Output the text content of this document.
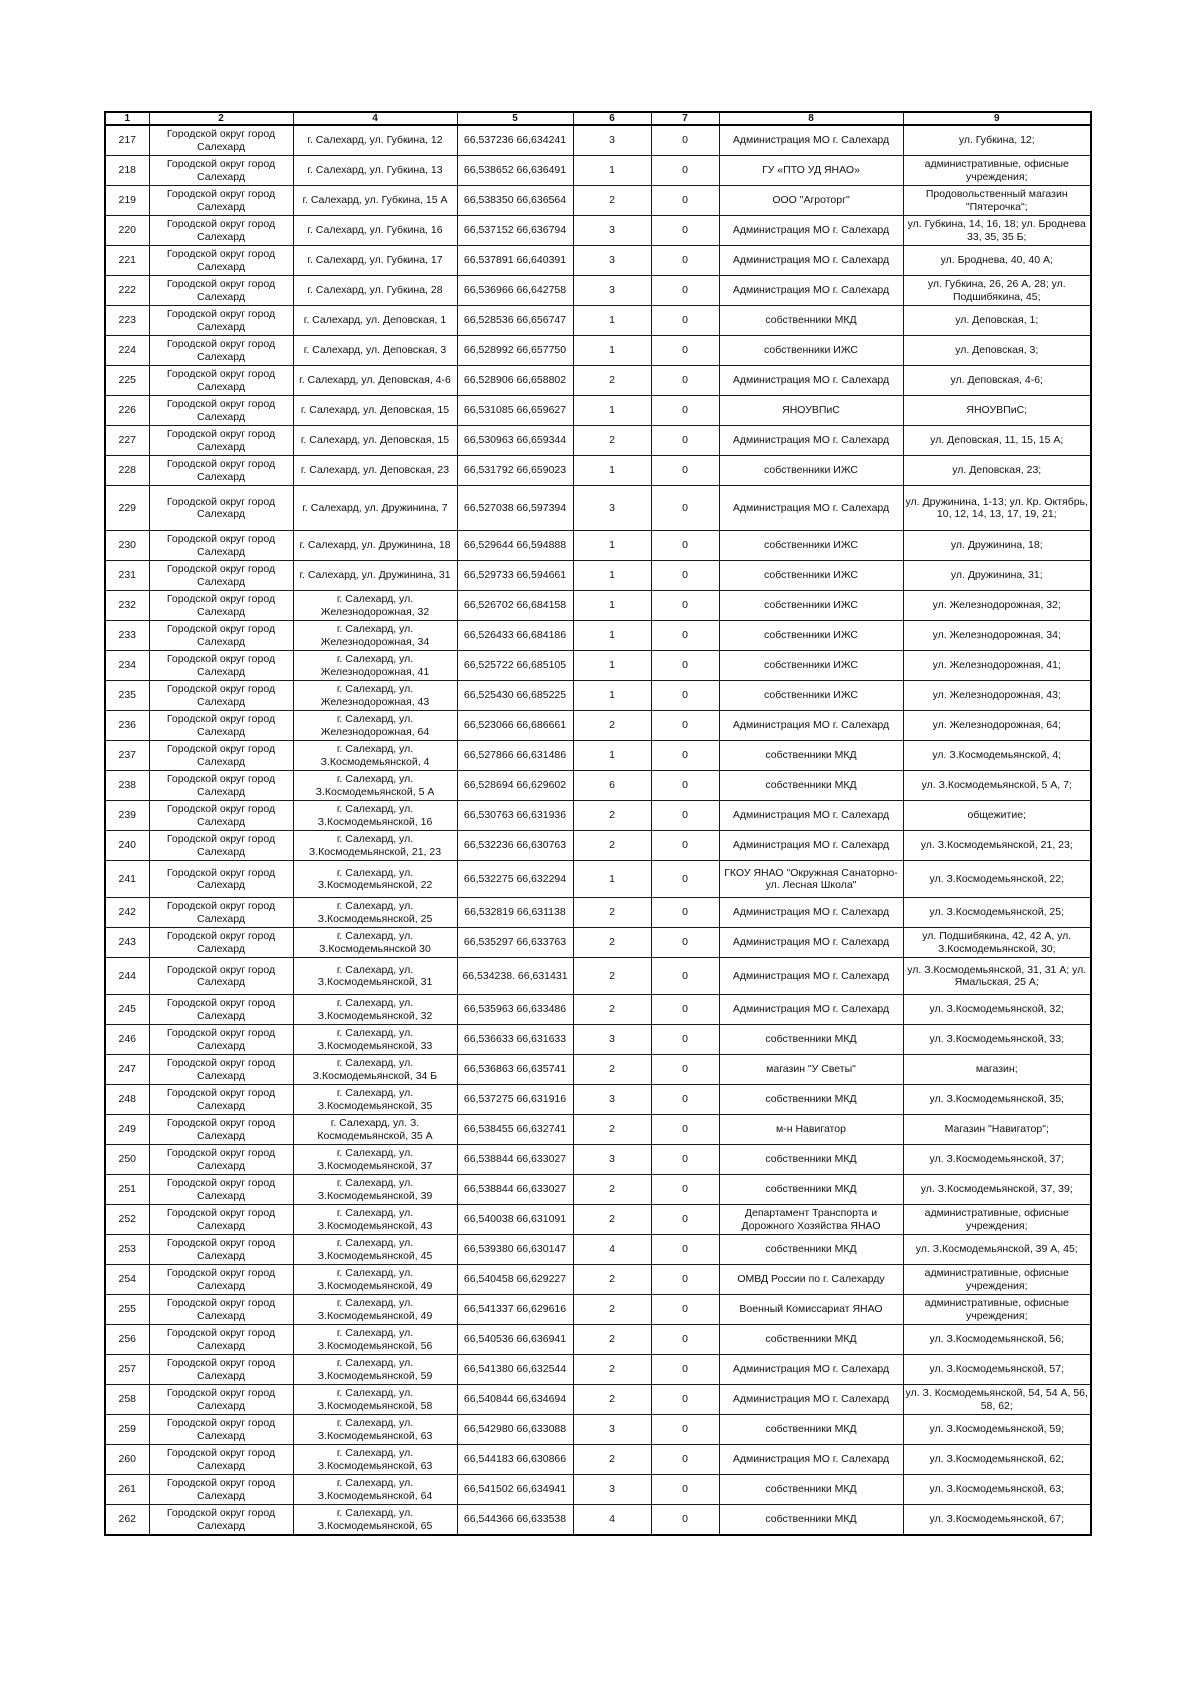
1	2	4	5	6	7	8	9
217	Городской округ город Салехард	г. Салехард, ул. Губкина, 12	66,537236 66,634241	3	0	Администрация МО г. Салехард	ул. Губкина, 12;
218	Городской округ город Салехард	г. Салехард, ул. Губкина, 13	66,538652 66,636491	1	0	ГУ «ПТО УД ЯНАО»	административные, офисные учреждения;
219	Городской округ город Салехард	г. Салехард, ул. Губкина, 15 А	66,538350 66,636564	2	0	ООО "Агроторг"	Продовольственный магазин "Пятерочка";
220	Городской округ город Салехард	г. Салехард, ул. Губкина, 16	66,537152 66,636794	3	0	Администрация МО г. Салехард	ул. Губкина, 14, 16, 18; ул. Броднева 33, 35, 35 Б;
221	Городской округ город Салехард	г. Салехард, ул. Губкина, 17	66,537891 66,640391	3	0	Администрация МО г. Салехард	ул. Броднева, 40, 40 А;
222	Городской округ город Салехард	г. Салехард, ул. Губкина, 28	66,536966 66,642758	3	0	Администрация МО г. Салехард	ул. Губкина, 26, 26 А, 28; ул. Подшибякина, 45;
223	Городской округ город Салехард	г. Салехард, ул. Деповская, 1	66,528536 66,656747	1	0	собственники МКД	ул. Деповская, 1;
224	Городской округ город Салехард	г. Салехард, ул. Деповская, 3	66,528992 66,657750	1	0	собственники ИЖС	ул. Деповская, 3;
225	Городской округ город Салехард	г. Салехард, ул. Деповская, 4-6	66,528906 66,658802	2	0	Администрация МО г. Салехард	ул. Деповская, 4-6;
226	Городской округ город Салехард	г. Салехард, ул. Деповская, 15	66,531085 66,659627	1	0	ЯНОУВПиС	ЯНОУВПиС;
227	Городской округ город Салехард	г. Салехард, ул. Деповская, 15	66,530963 66,659344	2	0	Администрация МО г. Салехард	ул. Деповская, 11, 15, 15 А;
228	Городской округ город Салехард	г. Салехард, ул. Деповская, 23	66,531792 66,659023	1	0	собственники ИЖС	ул. Деповская, 23;
229	Городской округ город Салехард	г. Салехард, ул. Дружинина, 7	66,527038 66,597394	3	0	Администрация МО г. Салехард	ул. Дружинина, 1-13; ул. Кр. Октябрь, 10, 12, 14, 13, 17, 19, 21;
230	Городской округ город Салехард	г. Салехард, ул. Дружинина, 18	66,529644 66,594888	1	0	собственники ИЖС	ул. Дружинина, 18;
231	Городской округ город Салехард	г. Салехард, ул. Дружинина, 31	66,529733 66,594661	1	0	собственники ИЖС	ул. Дружинина, 31;
232	Городской округ город Салехард	г. Салехард, ул. Железнодорожная, 32	66,526702 66,684158	1	0	собственники ИЖС	ул. Железнодорожная, 32;
233	Городской округ город Салехард	г. Салехард, ул. Железнодорожная, 34	66,526433 66,684186	1	0	собственники ИЖС	ул. Железнодорожная, 34;
234	Городской округ город Салехард	г. Салехард, ул. Железнодорожная, 41	66,525722 66,685105	1	0	собственники ИЖС	ул. Железнодорожная, 41;
235	Городской округ город Салехард	г. Салехард, ул. Железнодорожная, 43	66,525430 66,685225	1	0	собственники ИЖС	ул. Железнодорожная, 43;
236	Городской округ город Салехард	г. Салехард, ул. Железнодорожная, 64	66,523066 66,686661	2	0	Администрация МО г. Салехард	ул. Железнодорожная, 64;
237	Городской округ город Салехард	г. Салехард, ул. З.Космодемьянской, 4	66,527866 66,631486	1	0	собственники МКД	ул. З.Космодемьянской, 4;
238	Городской округ город Салехард	г. Салехард, ул. З.Космодемьянской, 5 А	66,528694 66,629602	6	0	собственники МКД	ул. З.Космодемьянской, 5 А, 7;
239	Городской округ город Салехард	г. Салехард, ул. З.Космодемьянской, 16	66,530763 66,631936	2	0	Администрация МО г. Салехард	общежитие;
240	Городской округ город Салехард	г. Салехард, ул. З.Космодемьянской, 21, 23	66,532236 66,630763	2	0	Администрация МО г. Салехард	ул. З.Космодемьянской, 21, 23;
241	Городской округ город Салехард	г. Салехард, ул. З.Космодемьянской, 22	66,532275 66,632294	1	0	ГКОУ ЯНАО "Окружная Санаторно-ул. Лесная Школа"	ул. З.Космодемьянской, 22;
242	Городской округ город Салехард	г. Салехард, ул. З.Космодемьянской, 25	66,532819 66,631138	2	0	Администрация МО г. Салехард	ул. З.Космодемьянской, 25;
243	Городской округ город Салехард	г. Салехард, ул. З.Космодемьянской 30	66,535297 66,633763	2	0	Администрация МО г. Салехард	ул. Подшибякина, 42, 42 А, ул. З.Космодемьянской, 30;
244	Городской округ город Салехард	г. Салехард, ул. З.Космодемьянской, 31	66,534238. 66,631431	2	0	Администрация МО г. Салехард	ул. З.Космодемьянской, 31, 31 А; ул. Ямальская, 25 А;
245	Городской округ город Салехард	г. Салехард, ул. З.Космодемьянской, 32	66,535963 66,633486	2	0	Администрация МО г. Салехард	ул. З.Космодемьянской, 32;
246	Городской округ город Салехард	г. Салехард, ул. З.Космодемьянской, 33	66,536633 66,631633	3	0	собственники МКД	ул. З.Космодемьянской, 33;
247	Городской округ город Салехард	г. Салехард, ул. З.Космодемьянской, 34 Б	66,536863 66,635741	2	0	магазин "У Светы"	магазин;
248	Городской округ город Салехард	г. Салехард, ул. З.Космодемьянской, 35	66,537275 66,631916	3	0	собственники МКД	ул. З.Космодемьянской, 35;
249	Городской округ город Салехард	г. Салехард, ул. З. Космодемьянской, 35 А	66,538455 66,632741	2	0	м-н Навигатор	Магазин "Навигатор";
250	Городской округ город Салехард	г. Салехард, ул. З.Космодемьянской, 37	66,538844 66,633027	3	0	собственники МКД	ул. З.Космодемьянской, 37;
251	Городской округ город Салехард	г. Салехард, ул. З.Космодемьянской, 39	66,538844 66,633027	2	0	собственники МКД	ул. З.Космодемьянской, 37, 39;
252	Городской округ город Салехард	г. Салехард, ул. З.Космодемьянской, 43	66,540038 66,631091	2	0	Департамент Транспорта и Дорожного Хозяйства ЯНАО	административные, офисные учреждения;
253	Городской округ город Салехард	г. Салехард, ул. З.Космодемьянской, 45	66,539380 66,630147	4	0	собственники МКД	ул. З.Космодемьянской, 39 А, 45;
254	Городской округ город Салехард	г. Салехард, ул. З.Космодемьянской, 49	66,540458 66,629227	2	0	ОМВД России по г. Салехарду	административные, офисные учреждения;
255	Городской округ город Салехард	г. Салехард, ул. З.Космодемьянской, 49	66,541337 66,629616	2	0	Военный Комиссариат ЯНАО	административные, офисные учреждения;
256	Городской округ город Салехард	г. Салехард, ул. З.Космодемьянской, 56	66,540536 66,636941	2	0	собственники МКД	ул. З.Космодемьянской, 56;
257	Городской округ город Салехард	г. Салехард, ул. З.Космодемьянской, 59	66,541380 66,632544	2	0	Администрация МО г. Салехард	ул. З.Космодемьянской, 57;
258	Городской округ город Салехард	г. Салехард, ул. З.Космодемьянской, 58	66,540844 66,634694	2	0	Администрация МО г. Салехард	ул. З. Космодемьянской, 54, 54 А, 56, 58, 62;
259	Городской округ город Салехард	г. Салехард, ул. З.Космодемьянской, 63	66,542980 66,633088	3	0	собственники МКД	ул. З.Космодемьянской, 59;
260	Городской округ город Салехард	г. Салехард, ул. З.Космодемьянской, 63	66,544183 66,630866	2	0	Администрация МО г. Салехард	ул. З.Космодемьянской, 62;
261	Городской округ город Салехард	г. Салехард, ул. З.Космодемьянской, 64	66,541502 66,634941	3	0	собственники МКД	ул. З.Космодемьянской, 63;
262	Городской округ город Салехард	г. Салехард, ул. З.Космодемьянской, 65	66,544366 66,633538	4	0	собственники МКД	ул. З.Космодемьянской, 67;
